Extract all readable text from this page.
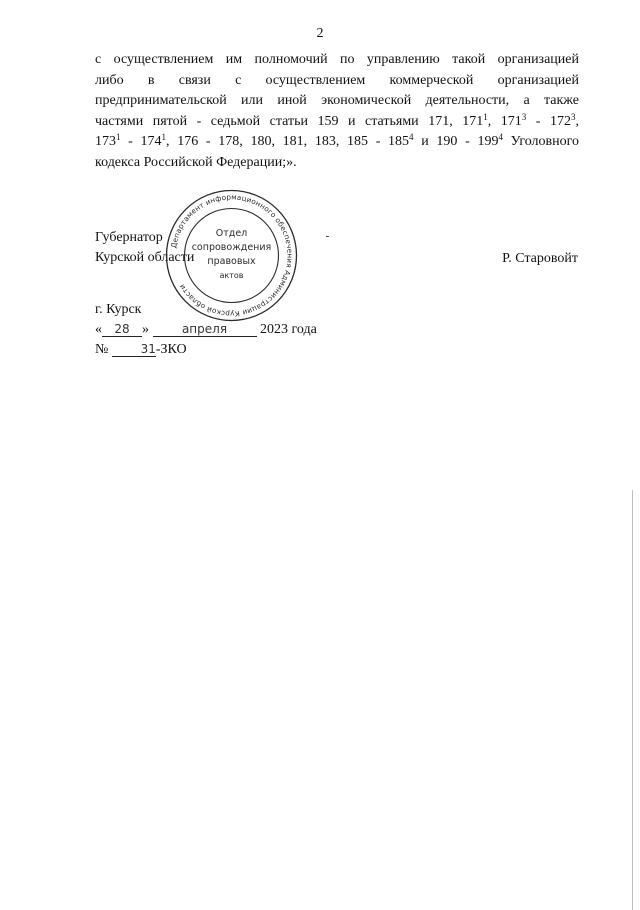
2
с осуществлением им полномочий по управлению такой организацией
либо в связи с осуществлением коммерческой организацией
предпринимательской или иной экономической деятельности, а также
частями пятой - седьмой статьи 159 и статьями 171, $171^1$, $171^3 - 172^3$,
$173^1 - 174^1$, 176 - 178, 180, 181, 183, $185 - 185^4$ и $190 - 199^4$ Уголовного
кодекса Российской Федерации;».
Губернатор
Курской области	Р. Старовойт
Департамент информационного обеспечения Администрации Курской области
Отдел
сопровождения
правовых
актов
г. Курск
« 28 »	апреля 2023 года
№	31-ЗКО
